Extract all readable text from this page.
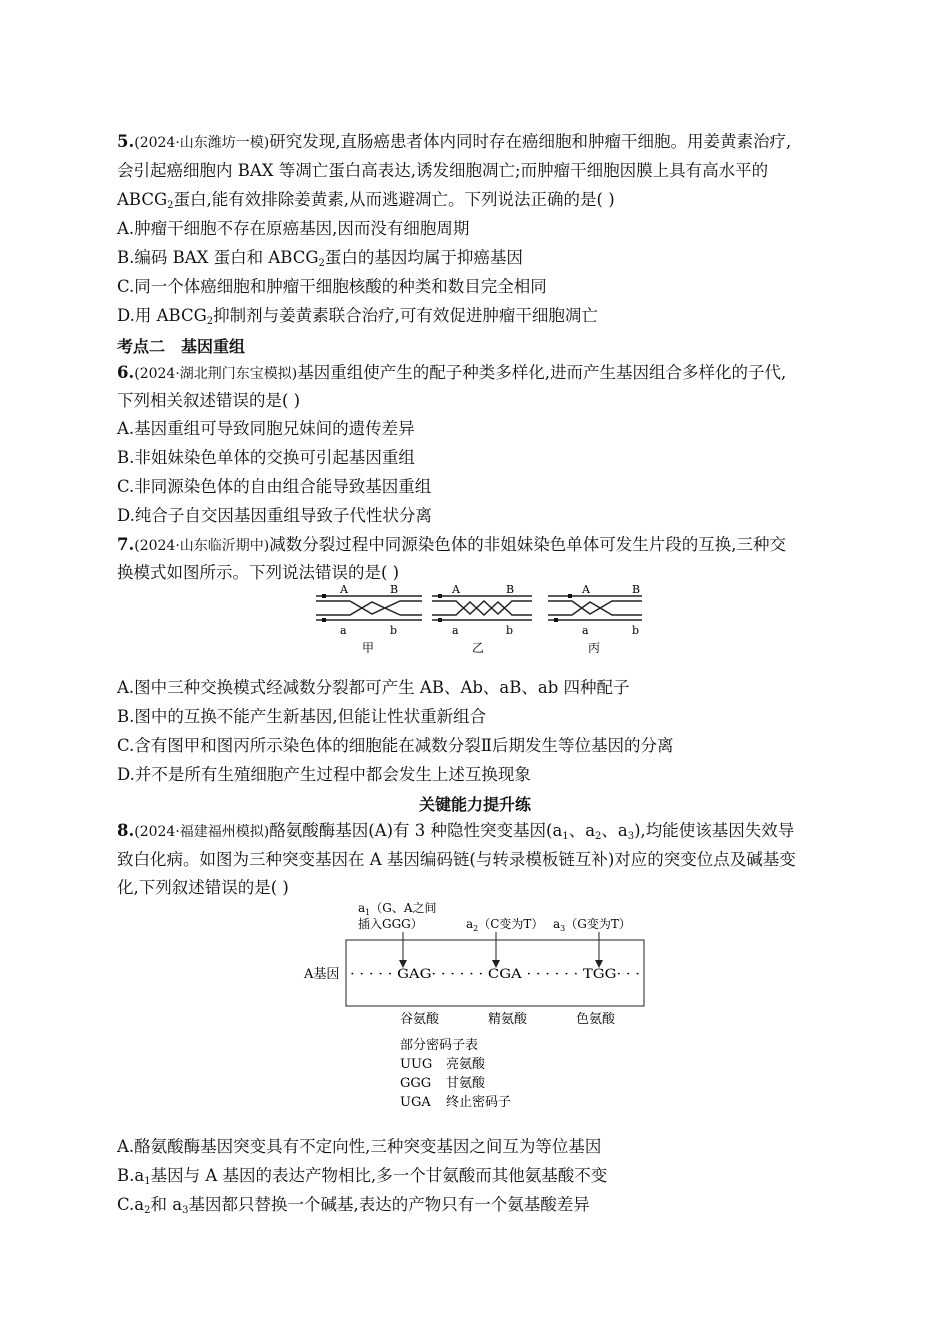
5.(2024·山东潍坊一模)研究发现,直肠癌患者体内同时存在癌细胞和肿瘤干细胞。用姜黄素治疗,
会引起癌细胞内 BAX 等凋亡蛋白高表达,诱发细胞凋亡;而肿瘤干细胞因膜上具有高水平的
$ABCG_2$蛋白,能有效排除姜黄素,从而逃避凋亡。下列说法正确的是( )
A.肿瘤干细胞不存在原癌基因,因而没有细胞周期
B.编码 BAX 蛋白和 $ABCG_2$蛋白的基因均属于抑癌基因
C.同一个体癌细胞和肿瘤干细胞核酸的种类和数目完全相同
D.用 $ABCG_2$抑制剂与姜黄素联合治疗,可有效促进肿瘤干细胞凋亡
考点二　基因重组
6.(2024·湖北荆门东宝模拟)基因重组使产生的配子种类多样化,进而产生基因组合多样化的子代,
下列相关叙述错误的是( )
A.基因重组可导致同胞兄妹间的遗传差异
B.非姐妹染色单体的交换可引起基因重组
C.非同源染色体的自由组合能导致基因重组
D.纯合子自交因基因重组导致子代性状分离
7.(2024·山东临沂期中)减数分裂过程中同源染色体的非姐妹染色单体可发生片段的互换,三种交
换模式如图所示。下列说法错误的是( )
A	B
a	b
甲
A	B
a	b
乙
A	B
a	b
丙
A.图中三种交换模式经减数分裂都可产生 AB、Ab、aB、ab 四种配子
B.图中的互换不能产生新基因,但能让性状重新组合
C.含有图甲和图丙所示染色体的细胞能在减数分裂Ⅱ后期发生等位基因的分离
D.并不是所有生殖细胞产生过程中都会发生上述互换现象
关键能力提升练
8.(2024·福建福州模拟)酪氨酸酶基因(A)有 3 种隐性突变基因($a_1$、$a_2$、$a_3$),均能使该基因失效导
致白化病。如图为三种突变基因在 A 基因编码链(与转录模板链互补)对应的突变位点及碱基变
化,下列叙述错误的是( )
$a_1(G$、A之间
插入GGG）	$a_2(C$变为T） $a_3(G$变为T）
A基因 · · · · · GAG· · · · · · CGA · · · · · · TGG· · ·
谷氨酸	精氨酸	色氨酸
部分密码子表
UUG 亮氨酸
GGG 甘氨酸
UGA 终止密码子
A.酪氨酸酶基因突变具有不定向性,三种突变基因之间互为等位基因
$B.a_1$基因与 A 基因的表达产物相比,多一个甘氨酸而其他氨基酸不变
$C.a_2$和 $a_3$基因都只替换一个碱基,表达的产物只有一个氨基酸差异
